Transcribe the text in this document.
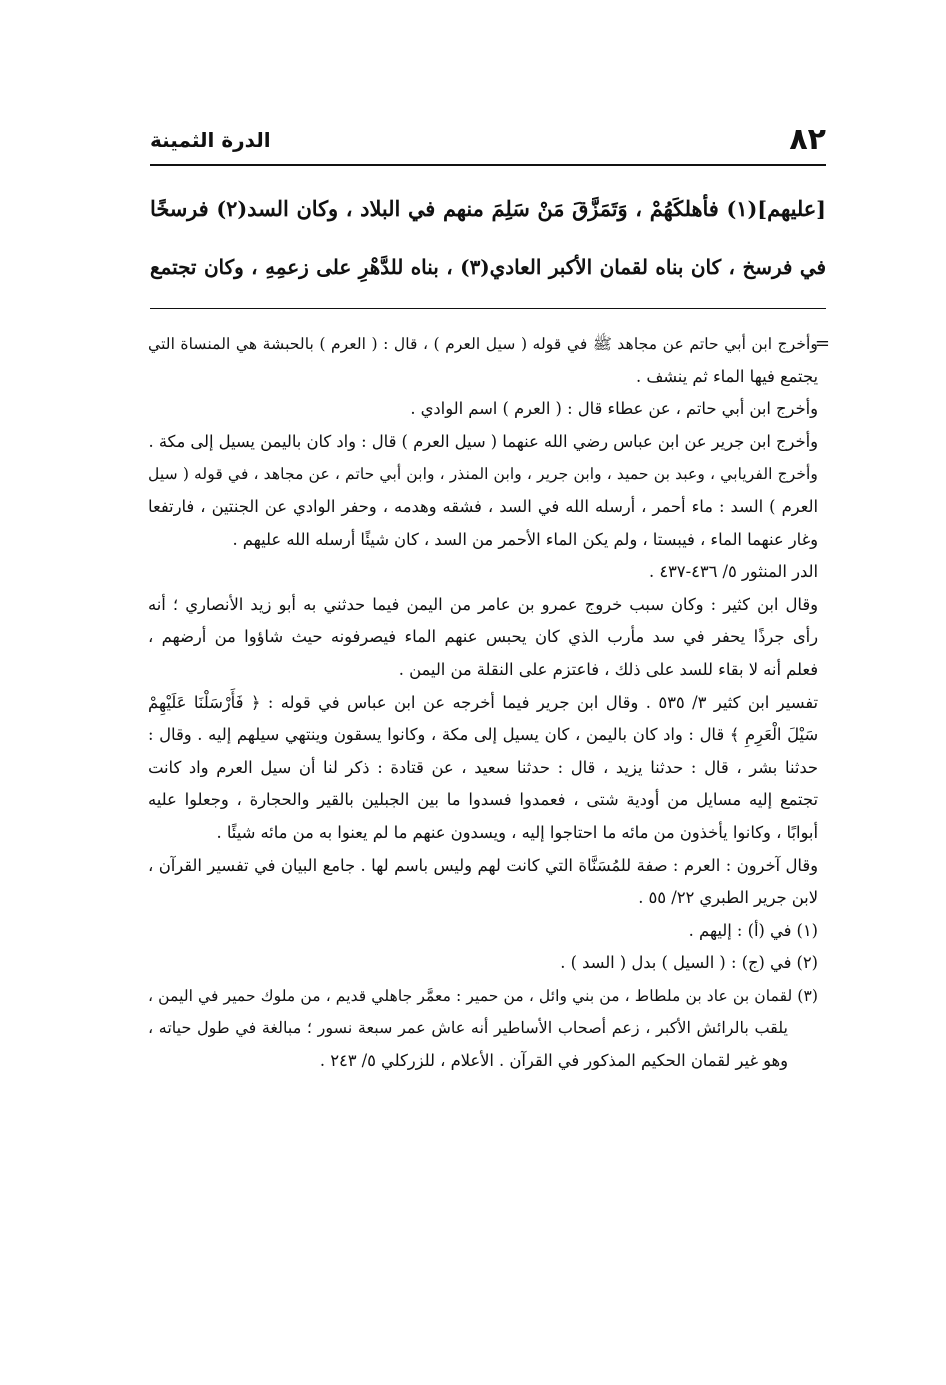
٨٢
الدرة الثمينة
[عليهم](١) فأهلكَهُمْ ، وَتَمَزَّقَ مَنْ سَلِمَ منهم في البلاد ، وكان السد(٢) فرسخًا
في فرسخ ، كان بناه لقمان الأكبر العادي(٣) ، بناه للدَّهْرِ على زعمِهِ ، وكان تجتمع
=
وأخرج ابن أبي حاتم عن مجاهد ﷺ في قوله ( سيل العرم ) ، قال : ( العرم ) بالحبشة هي المنساة التي
يجتمع فيها الماء ثم ينشف .
وأخرج ابن أبي حاتم ، عن عطاء قال : ( العرم ) اسم الوادي .
وأخرج ابن جرير عن ابن عباس رضي الله عنهما ( سيل العرم ) قال : واد كان باليمن يسيل إلى مكة .
وأخرج الفريابي ، وعبد بن حميد ، وابن جرير ، وابن المنذر ، وابن أبي حاتم ، عن مجاهد ، في قوله ( سيل
العرم ) السد : ماء أحمر ، أرسله الله في السد ، فشقه وهدمه ، وحفر الوادي عن الجنتين ، فارتفعا
وغار عنهما الماء ، فيبستا ، ولم يكن الماء الأحمر من السد ، كان شيئًا أرسله الله عليهم .
الدر المنثور ٥/ ٤٣٦-٤٣٧ .
وقال ابن كثير : وكان سبب خروج عمرو بن عامر من اليمن فيما حدثني به أبو زيد الأنصاري ؛ أنه
رأى جرذًا يحفر في سد مأرب الذي كان يحبس عنهم الماء فيصرفونه حيث شاؤوا من أرضهم ،
فعلم أنه لا بقاء للسد على ذلك ، فاعتزم على النقلة من اليمن .
تفسير ابن كثير ٣/ ٥٣٥ . وقال ابن جرير فيما أخرجه عن ابن عباس في قوله : ﴿ فَأَرْسَلْنَا عَلَيْهِمْ
سَيْلَ الْعَرِمِ ﴾ قال : واد كان باليمن ، كان يسيل إلى مكة ، وكانوا يسقون وينتهي سيلهم إليه . وقال :
حدثنا بشر ، قال : حدثنا يزيد ، قال : حدثنا سعيد ، عن قتادة : ذكر لنا أن سيل العرم واد كانت
تجتمع إليه مسايل من أودية شتى ، فعمدوا فسدوا ما بين الجبلين بالقير والحجارة ، وجعلوا عليه
أبوابًا ، وكانوا يأخذون من مائه ما احتاجوا إليه ، ويسدون عنهم ما لم يعنوا به من مائه شيئًا .
وقال آخرون : العرم : صفة للمُسَنَّاة التي كانت لهم وليس باسم لها . جامع البيان في تفسير القرآن ،
لابن جرير الطبري ٢٢/ ٥٥ .
(١) في (أ) : إليهم .
(٢) في (ج) : ( السيل ) بدل ( السد ) .
(٣) لقمان بن عاد بن ملطاط ، من بني وائل ، من حمير : معمَّر جاهلي قديم ، من ملوك حمير في اليمن ،
يلقب بالرائش الأكبر ، زعم أصحاب الأساطير أنه عاش عمر سبعة نسور ؛ مبالغة في طول حياته ،
وهو غير لقمان الحكيم المذكور في القرآن . الأعلام ، للزركلي ٥/ ٢٤٣ .
